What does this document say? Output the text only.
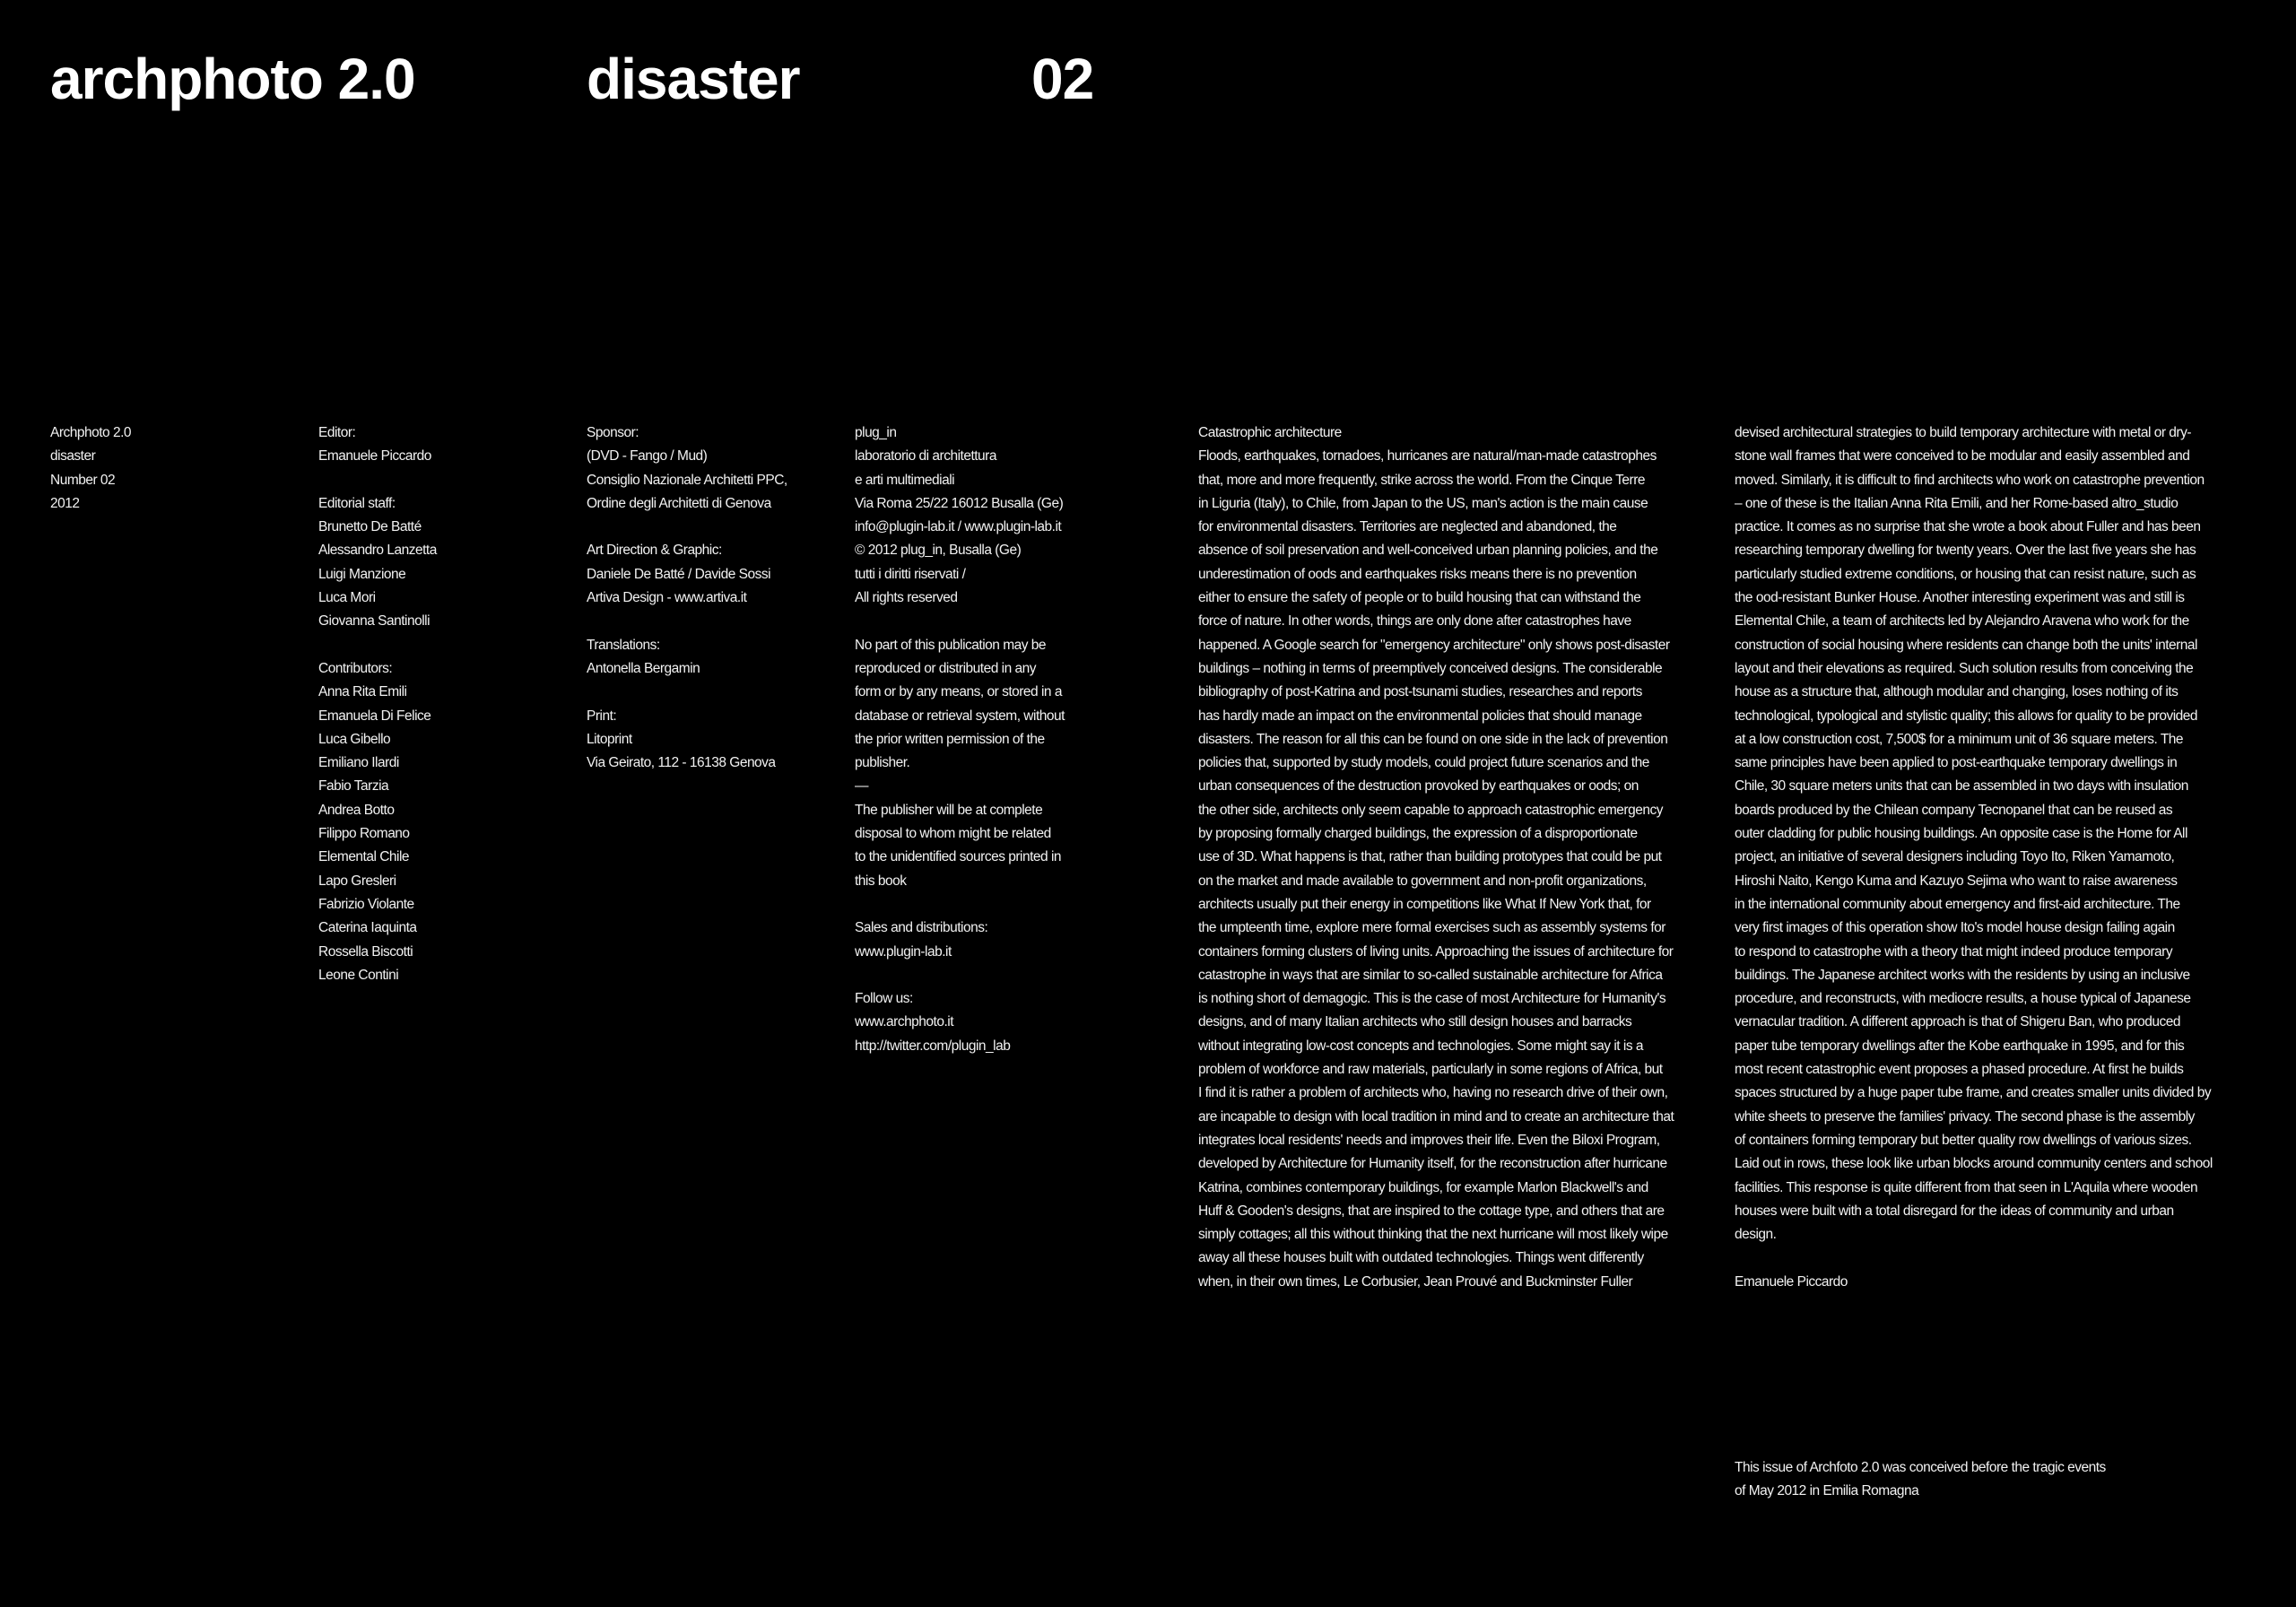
archphoto 2.0	disaster	02
Archphoto 2.0
disaster
Number 02
2012
Editor:
Emanuele Piccardo
Editorial staff:
Brunetto De Batté
Alessandro Lanzetta
Luigi Manzione
Luca Mori
Giovanna Santinolli
Contributors:
Anna Rita Emili
Emanuela Di Felice
Luca Gibello
Emiliano Ilardi
Fabio Tarzia
Andrea Botto
Filippo Romano
Elemental Chile
Lapo Gresleri
Fabrizio Violante
Caterina Iaquinta
Rossella Biscotti
Leone Contini
Sponsor:
(DVD - Fango / Mud)
Consiglio Nazionale Architetti PPC,
Ordine degli Architetti di Genova
Art Direction & Graphic:
Daniele De Batté / Davide Sossi
Artiva Design - www.artiva.it
Translations:
Antonella Bergamin
Print:
Litoprint
Via Geirato, 112 - 16138 Genova
plug_in
laboratorio di architettura
e arti multimediali
Via Roma 25/22 16012 Busalla (Ge)
info@plugin-lab.it / www.plugin-lab.it
© 2012 plug_in, Busalla (Ge)
tutti i diritti riservati /
All rights reserved
No part of this publication may be
reproduced or distributed in any
form or by any means, or stored in a
database or retrieval system, without
the prior written permission of the
publisher.
—
The publisher will be at complete
disposal to whom might be related
to the unidentified sources printed in
this book
Sales and distributions:
www.plugin-lab.it
Follow us:
www.archphoto.it
http://twitter.com/plugin_lab
Catastrophic architecture
Floods, earthquakes, tornadoes, hurricanes are natural/man-made catastrophes
that, more and more frequently, strike across the world. From the Cinque Terre
in Liguria (Italy), to Chile, from Japan to the US, man's action is the main cause
for environmental disasters. Territories are neglected and abandoned, the
absence of soil preservation and well-conceived urban planning policies, and the
underestimation of oods and earthquakes risks means there is no prevention
either to ensure the safety of people or to build housing that can withstand the
force of nature. In other words, things are only done after catastrophes have
happened. A Google search for "emergency architecture" only shows post-disaster
buildings – nothing in terms of preemptively conceived designs. The considerable
bibliography of post-Katrina and post-tsunami studies, researches and reports
has hardly made an impact on the environmental policies that should manage
disasters. The reason for all this can be found on one side in the lack of prevention
policies that, supported by study models, could project future scenarios and the
urban consequences of the destruction provoked by earthquakes or oods; on
the other side, architects only seem capable to approach catastrophic emergency
by proposing formally charged buildings, the expression of a disproportionate
use of 3D. What happens is that, rather than building prototypes that could be put
on the market and made available to government and non-profit organizations,
architects usually put their energy in competitions like What If New York that, for
the umpteenth time, explore mere formal exercises such as assembly systems for
containers forming clusters of living units. Approaching the issues of architecture for
catastrophe in ways that are similar to so-called sustainable architecture for Africa
is nothing short of demagogic. This is the case of most Architecture for Humanity's
designs, and of many Italian architects who still design houses and barracks
without integrating low-cost concepts and technologies. Some might say it is a
problem of workforce and raw materials, particularly in some regions of Africa, but
I find it is rather a problem of architects who, having no research drive of their own,
are incapable to design with local tradition in mind and to create an architecture that
integrates local residents' needs and improves their life. Even the Biloxi Program,
developed by Architecture for Humanity itself, for the reconstruction after hurricane
Katrina, combines contemporary buildings, for example Marlon Blackwell's and
Huff & Gooden's designs, that are inspired to the cottage type, and others that are
simply cottages; all this without thinking that the next hurricane will most likely wipe
away all these houses built with outdated technologies. Things went differently
when, in their own times, Le Corbusier, Jean Prouvé and Buckminster Fuller
devised architectural strategies to build temporary architecture with metal or dry-
stone wall frames that were conceived to be modular and easily assembled and
moved. Similarly, it is difficult to find architects who work on catastrophe prevention
– one of these is the Italian Anna Rita Emili, and her Rome-based altro_studio
practice. It comes as no surprise that she wrote a book about Fuller and has been
researching temporary dwelling for twenty years. Over the last five years she has
particularly studied extreme conditions, or housing that can resist nature, such as
the ood-resistant Bunker House. Another interesting experiment was and still is
Elemental Chile, a team of architects led by Alejandro Aravena who work for the
construction of social housing where residents can change both the units' internal
layout and their elevations as required. Such solution results from conceiving the
house as a structure that, although modular and changing, loses nothing of its
technological, typological and stylistic quality; this allows for quality to be provided
at a low construction cost, 7,500$ for a minimum unit of 36 square meters. The
same principles have been applied to post-earthquake temporary dwellings in
Chile, 30 square meters units that can be assembled in two days with insulation
boards produced by the Chilean company Tecnopanel that can be reused as
outer cladding for public housing buildings. An opposite case is the Home for All
project, an initiative of several designers including Toyo Ito, Riken Yamamoto,
Hiroshi Naito, Kengo Kuma and Kazuyo Sejima who want to raise awareness
in the international community about emergency and first-aid architecture. The
very first images of this operation show Ito's model house design failing again
to respond to catastrophe with a theory that might indeed produce temporary
buildings. The Japanese architect works with the residents by using an inclusive
procedure, and reconstructs, with mediocre results, a house typical of Japanese
vernacular tradition. A different approach is that of Shigeru Ban, who produced
paper tube temporary dwellings after the Kobe earthquake in 1995, and for this
most recent catastrophic event proposes a phased procedure. At first he builds
spaces structured by a huge paper tube frame, and creates smaller units divided by
white sheets to preserve the families' privacy. The second phase is the assembly
of containers forming temporary but better quality row dwellings of various sizes.
Laid out in rows, these look like urban blocks around community centers and school
facilities. This response is quite different from that seen in L'Aquila where wooden
houses were built with a total disregard for the ideas of community and urban
design.
Emanuele Piccardo
This issue of Archfoto 2.0 was conceived before the tragic events
of May 2012 in Emilia Romagna
